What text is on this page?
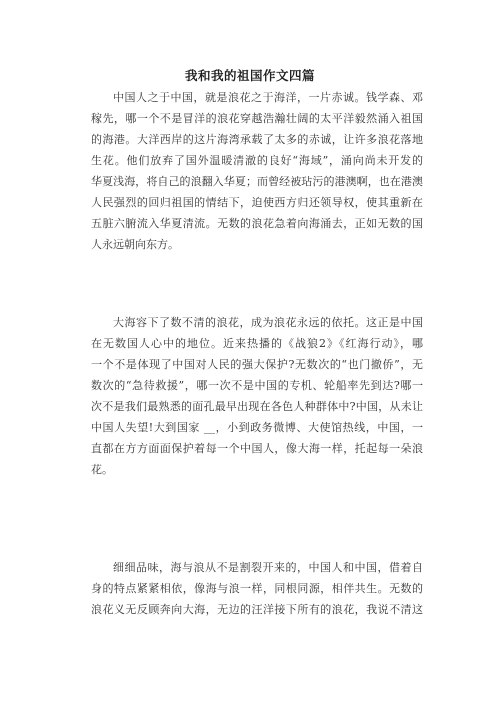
我和我的祖国作文四篇
中国人之于中国，就是浪花之于海洋，一片赤诚。钱学森、邓
稼先，哪一个不是冒洋的浪花穿越浩瀚壮阔的太平洋毅然涌入祖国
的海港。大洋西岸的这片海湾承载了太多的赤诚，让许多浪花落地
生花。他们放弃了国外温暖清澈的良好“海域”，涌向尚未开发的
华夏浅海，将自己的浪翻入华夏；而曾经被玷污的港澳啊，也在港澳
人民强烈的回归祖国的情结下，迫使西方归还领导权，使其重新在
五脏六腑流入华夏清流。无数的浪花急着向海涌去，正如无数的国
人永远朝向东方。
大海容下了数不清的浪花，成为浪花永远的依托。这正是中国
在无数国人心中的地位。近来热播的《战狼2》《红海行动》，哪
一个不是体现了中国对人民的强大保护?无数次的“也门撤侨”，无
数次的“急待救援”，哪一次不是中国的专机、轮船率先到达?哪一
次不是我们最熟悉的面孔最早出现在各色人种群体中?中国，从未让
中国人失望!大到国家 __，小到政务微博、大使馆热线，中国，一
直都在方方面面保护着每一个中国人，像大海一样，托起每一朵浪
花。
细细品味，海与浪从不是割裂开来的，中国人和中国，借着自
身的特点紧紧相依，像海与浪一样，同根同源，相伴共生。无数的
浪花义无反顾奔向大海，无边的汪洋接下所有的浪花，我说不清这
